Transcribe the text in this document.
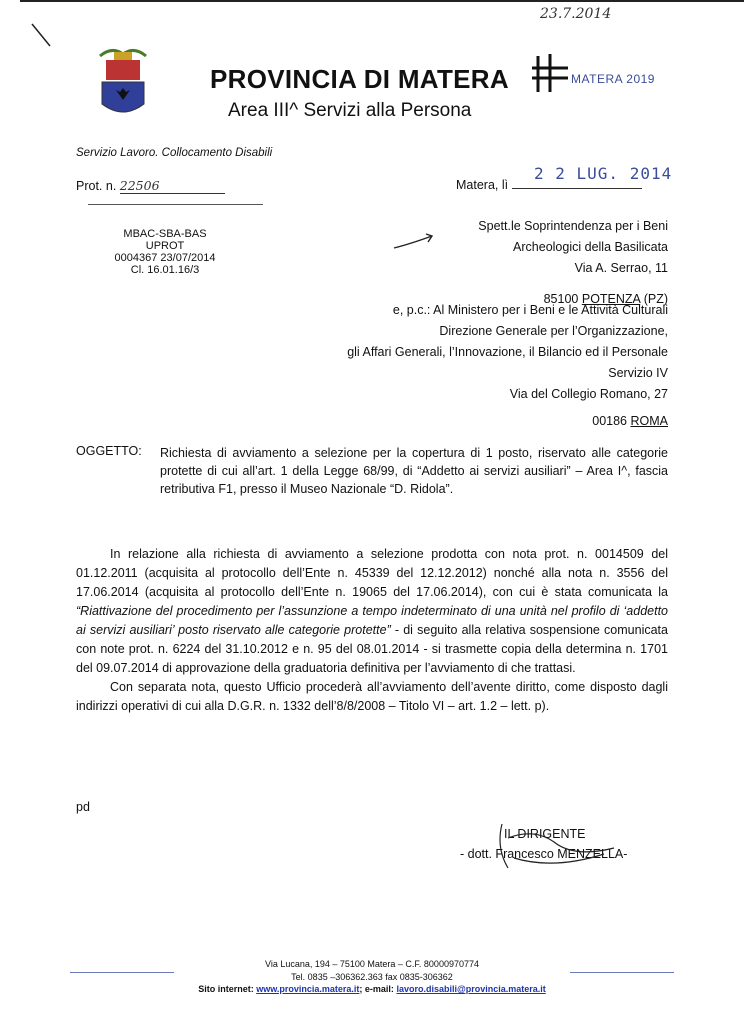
23.7.2014
MATERA 2019
PROVINCIA DI MATERA
Area III^ Servizi alla Persona
Servizio Lavoro. Collocamento Disabili
Prot. n. 22506
2 2 LUG. 2014
Matera, lì
MBAC-SBA-BAS
UPROT
0004367 23/07/2014
Cl. 16.01.16/3
Spett.le Soprintendenza per i Beni
Archeologici della Basilicata
Via A. Serrao, 11
85100 POTENZA (PZ)
e, p.c.: Al Ministero per i Beni e le Attività Culturali
Direzione Generale per l’Organizzazione,
gli Affari Generali, l’Innovazione, il Bilancio ed il Personale
Servizio IV
Via del Collegio Romano, 27
00186 ROMA
OGGETTO: Richiesta di avviamento a selezione per la copertura di 1 posto, riservato alle categorie protette di cui all’art. 1 della Legge 68/99, di “Addetto ai servizi ausiliari” – Area I^, fascia retributiva F1, presso il Museo Nazionale “D. Ridola”.

In relazione alla richiesta di avviamento a selezione prodotta con nota prot. n. 0014509 del 01.12.2011 (acquisita al protocollo dell’Ente n. 45339 del 12.12.2012) nonché alla nota n. 3556 del 17.06.2014 (acquisita al protocollo dell’Ente n. 19065 del 17.06.2014), con cui è stata comunicata la “Riattivazione del procedimento per l’assunzione a tempo indeterminato di una unità nel profilo di ‘addetto ai servizi ausiliari’ posto riservato alle categorie protette” - di seguito alla relativa sospensione comunicata con note prot. n. 6224 del 31.10.2012 e n. 95 del 08.01.2014 - si trasmette copia della determina n. 1701 del 09.07.2014 di approvazione della graduatoria definitiva per l’avviamento di che trattasi.

Con separata nota, questo Ufficio procederà all’avviamento dell’avente diritto, come disposto dagli indirizzi operativi di cui alla D.G.R. n. 1332 dell’8/8/2008 – Titolo VI – art. 1.2 – lett. p).

pd
IL DIRIGENTE
- dott. Francesco MENZELLA-
Via Lucana, 194 – 75100 Matera – C.F. 80000970774
Tel. 0835 –306362.363 fax 0835-306362
Sito internet: www.provincia.matera.it; e-mail: lavoro.disabili@provincia.matera.it
